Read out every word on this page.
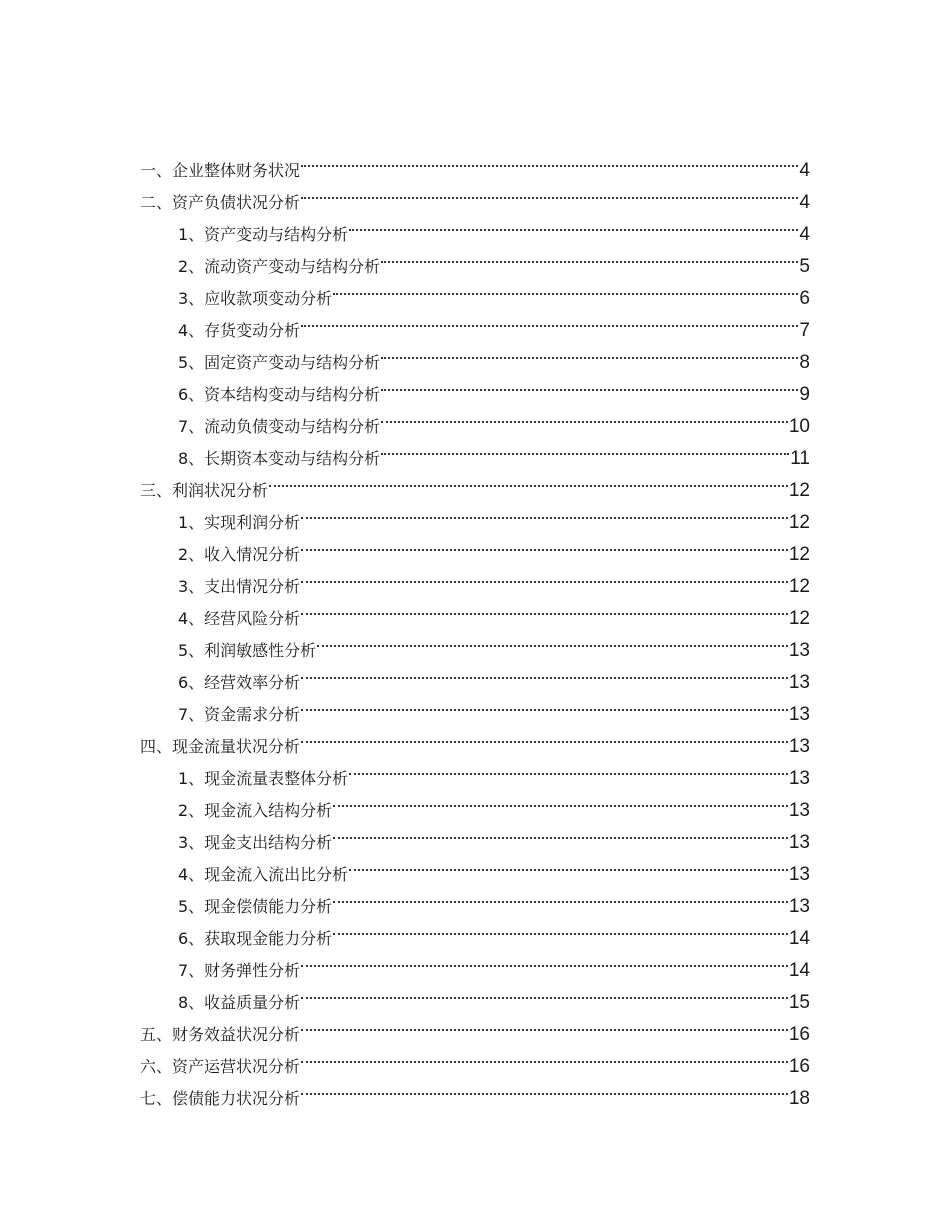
一、企业整体财务状况	4
二、资产负债状况分析	4
1、资产变动与结构分析	4
2、流动资产变动与结构分析	5
3、应收款项变动分析	6
4、存货变动分析	7
5、固定资产变动与结构分析	8
6、资本结构变动与结构分析	9
7、流动负债变动与结构分析	10
8、长期资本变动与结构分析	11
三、利润状况分析	12
1、实现利润分析	12
2、收入情况分析	12
3、支出情况分析	12
4、经营风险分析	12
5、利润敏感性分析	13
6、经营效率分析	13
7、资金需求分析	13
四、现金流量状况分析	13
1、现金流量表整体分析	13
2、现金流入结构分析	13
3、现金支出结构分析	13
4、现金流入流出比分析	13
5、现金偿债能力分析	13
6、获取现金能力分析	14
7、财务弹性分析	14
8、收益质量分析	15
五、财务效益状况分析	16
六、资产运营状况分析	16
七、偿债能力状况分析	18
